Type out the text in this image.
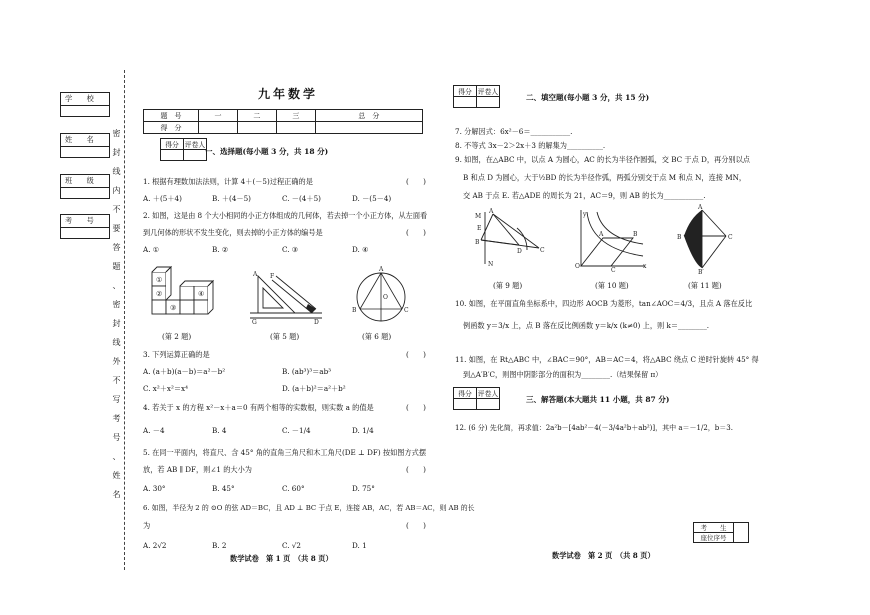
学　　校
姓　　名
班　　级
考　　号
密
封
线
内
不
要
答
题
、
密
封
线
外
不
写
考
号
、
姓
名
九年数学
题　号	一	二	三	总　分
得　分				
得分	评卷人

一、选择题(每小题 3 分，共 18 分)
1. 根据有理数加法法则，计算 4＋(－5)过程正确的是	(　　)
A. ＋(5＋4)	B. ＋(4－5)	C. －(4＋5)	D. －(5－4)
2. 如图，这是由 8 个大小相同的小正方体组成的几何体，若去掉一个小正方体，从左面看
到几何体的形状不发生变化，则去掉的小正方体的编号是	(　　)
A. ①	B. ②	C. ③	D. ④
①
②
③
④
A F
G	D
A
B	C
O
(第 2 题)	(第 5 题)	(第 6 题)
3. 下列运算正确的是	(　　)
A. (a＋b)(a－b)＝a²－b²	B. (ab³)³＝ab³
C. x²＋x²＝x⁴	D. (a＋b)²＝a²＋b²
4. 若关于 x 的方程 x²－x＋a＝0 有两个相等的实数根，则实数 a 的值是	(　　)
A. －4	B. 4	C. －1/4	D. 1/4
5. 在同一平面内，将直尺、含 45° 角的直角三角尺和木工角尺(DE ⊥ DF) 按如图方式摆
放，若 AB ∥ DF，则∠1 的大小为	(　　)
A. 30°	B. 45°	C. 60°	D. 75°
6. 如图，半径为 2 的 ⊙O 的弦 AD＝BC，且 AD ⊥ BC 于点 E，连接 AB，AC，若 AB＝AC，则 AB 的长
为	(　　)
A. 2√2	B. 2	C. √2	D. 1
数学试卷　第 1 页　（共 8 页）
得分	评卷人

二、填空题(每小题 3 分，共 15 分)
7. 分解因式：6x²－6＝___________.
8. 不等式 3x－2＞2x＋3 的解集为__________.
9. 如图，在△ABC 中，以点 A 为圆心，AC 的长为半径作圆弧，交 BC 于点 D，再分别以点
B 和点 D 为圆心，大于½BD 的长为半径作弧，两弧分别交于点 M 和点 N，连接 MN，
交 AB 于点 E. 若△ADE 的周长为 21，AC＝9，则 AB 的长为___________.
A
B
C
D
M
N
E
O
y
x
A	B
C
A
B	C
B′
(第 9 题)	(第 10 题)	(第 11 题)
10. 如图，在平面直角坐标系中，四边形 AOCB 为菱形，tan∠AOC＝4/3，且点 A 落在反比
例函数 y＝3/x 上，点 B 落在反比例函数 y＝k/x (k≠0) 上，则 k＝________.
11. 如图，在 Rt△ABC 中，∠BAC＝90°，AB＝AC＝4，将△ABC 绕点 C 逆时针旋转 45° 得
到△A′B′C，则图中阴影部分的面积为________.（结果保留 π）
得分	评卷人

三、解答题(本大题共 11 小题，共 87 分)
12. (6 分) 先化简，再求值：2a²b－[4ab²－4(－3/4a²b＋ab²)]，其中 a＝－1/2，b＝3.
考　　生	
座位序号
数学试卷　第 2 页　（共 8 页）
